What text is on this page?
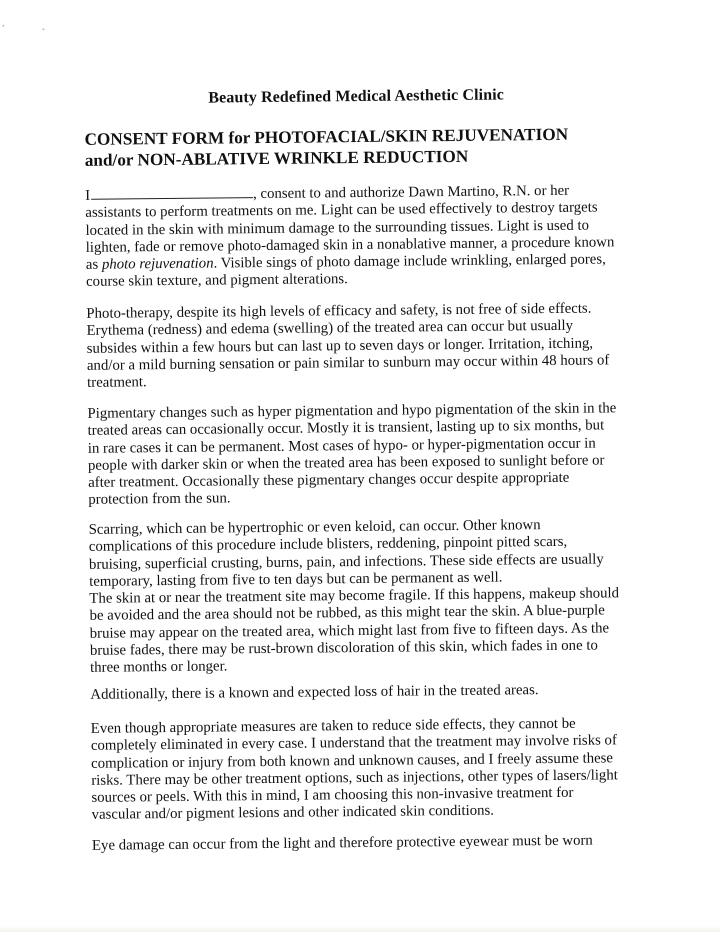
Beauty Redefined Medical Aesthetic Clinic
CONSENT FORM for PHOTOFACIAL/SKIN REJUVENATION
and/or NON-ABLATIVE WRINKLE REDUCTION

I	, consent to and authorize Dawn Martino, R.N. or her
assistants to perform treatments on me. Light can be used effectively to destroy targets
located in the skin with minimum damage to the surrounding tissues. Light is used to
lighten, fade or remove photo-damaged skin in a nonablative manner, a procedure known
as photo rejuvenation. Visible sings of photo damage include wrinkling, enlarged pores,
course skin texture, and pigment alterations.

Photo-therapy, despite its high levels of efficacy and safety, is not free of side effects.
Erythema (redness) and edema (swelling) of the treated area can occur but usually
subsides within a few hours but can last up to seven days or longer. Irritation, itching,
and/or a mild burning sensation or pain similar to sunburn may occur within 48 hours of
treatment.

Pigmentary changes such as hyper pigmentation and hypo pigmentation of the skin in the
treated areas can occasionally occur. Mostly it is transient, lasting up to six months, but
in rare cases it can be permanent. Most cases of hypo- or hyper-pigmentation occur in
people with darker skin or when the treated area has been exposed to sunlight before or
after treatment. Occasionally these pigmentary changes occur despite appropriate
protection from the sun.

Scarring, which can be hypertrophic or even keloid, can occur. Other known
complications of this procedure include blisters, reddening, pinpoint pitted scars,
bruising, superficial crusting, burns, pain, and infections. These side effects are usually
temporary, lasting from five to ten days but can be permanent as well.
The skin at or near the treatment site may become fragile. If this happens, makeup should
be avoided and the area should not be rubbed, as this might tear the skin. A blue-purple
bruise may appear on the treated area, which might last from five to fifteen days. As the
bruise fades, there may be rust-brown discoloration of this skin, which fades in one to
three months or longer.

Additionally, there is a known and expected loss of hair in the treated areas.

Even though appropriate measures are taken to reduce side effects, they cannot be
completely eliminated in every case. I understand that the treatment may involve risks of
complication or injury from both known and unknown causes, and I freely assume these
risks. There may be other treatment options, such as injections, other types of lasers/light
sources or peels. With this in mind, I am choosing this non-invasive treatment for
vascular and/or pigment lesions and other indicated skin conditions.

Eye damage can occur from the light and therefore protective eyewear must be worn
